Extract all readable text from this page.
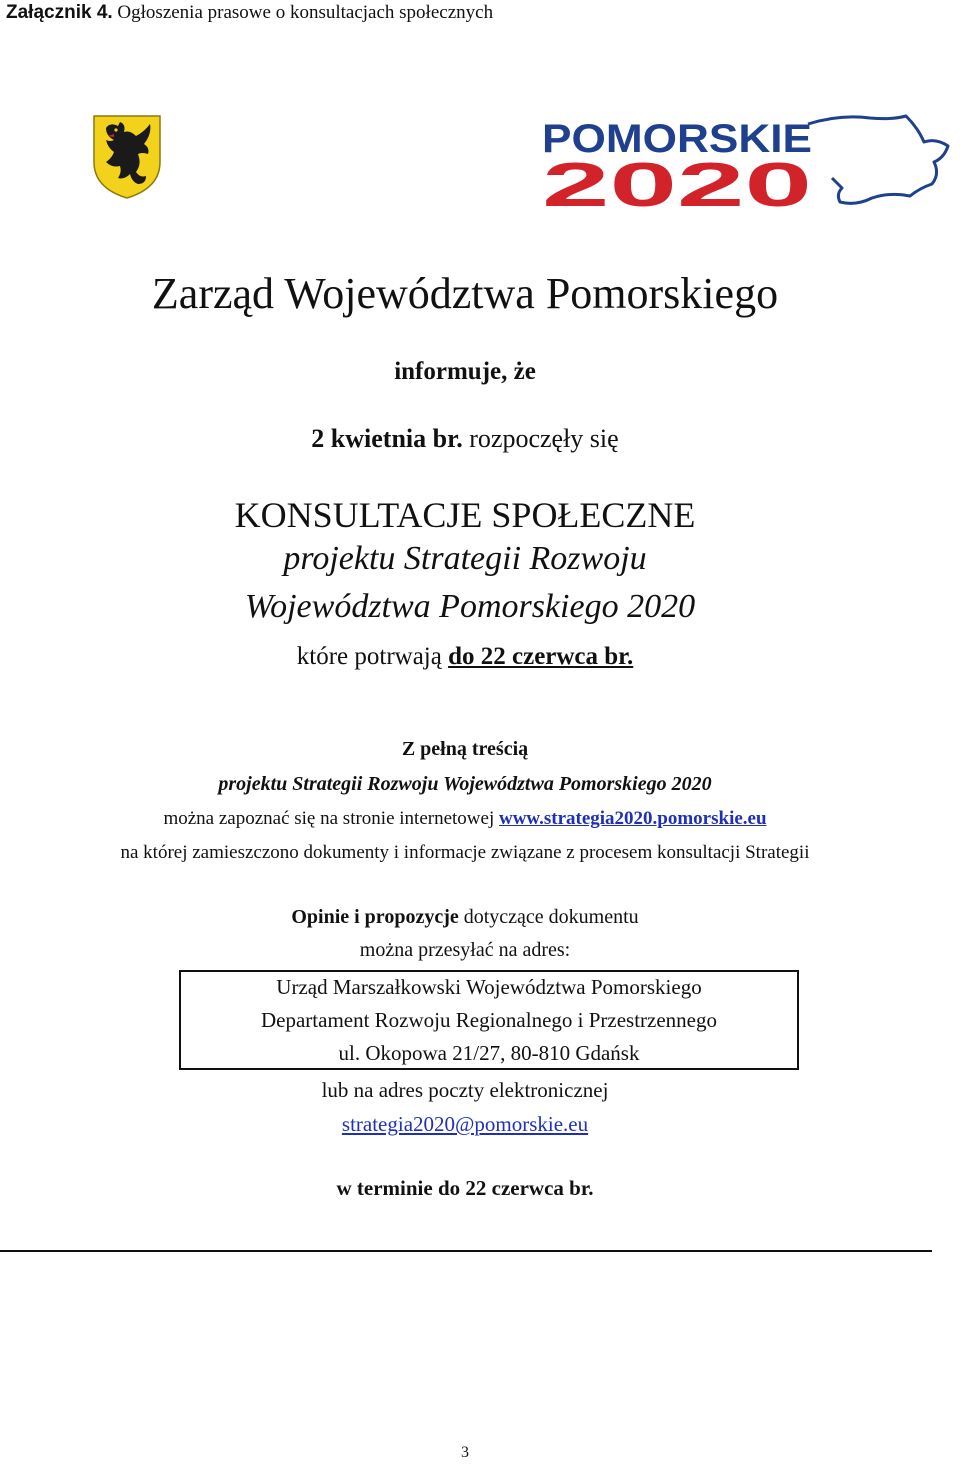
Załącznik 4. Ogłoszenia prasowe o konsultacjach społecznych
POMORSKIE
2020
Zarząd Województwa Pomorskiego
informuje, że
2 kwietnia br. rozpoczęły się
KONSULTACJE SPOŁECZNE
projektu Strategii Rozwoju
Województwa Pomorskiego 2020
które potrwają do 22 czerwca br.
Z pełną treścią
projektu Strategii Rozwoju Województwa Pomorskiego 2020
można zapoznać się na stronie internetowej www.strategia2020.pomorskie.eu
na której zamieszczono dokumenty i informacje związane z procesem konsultacji Strategii
Opinie i propozycje dotyczące dokumentu
można przesyłać na adres:
Urząd Marszałkowski Województwa Pomorskiego
Departament Rozwoju Regionalnego i Przestrzennego
ul. Okopowa 21/27, 80-810 Gdańsk
lub na adres poczty elektronicznej
strategia2020@pomorskie.eu
w terminie do 22 czerwca br.
3
